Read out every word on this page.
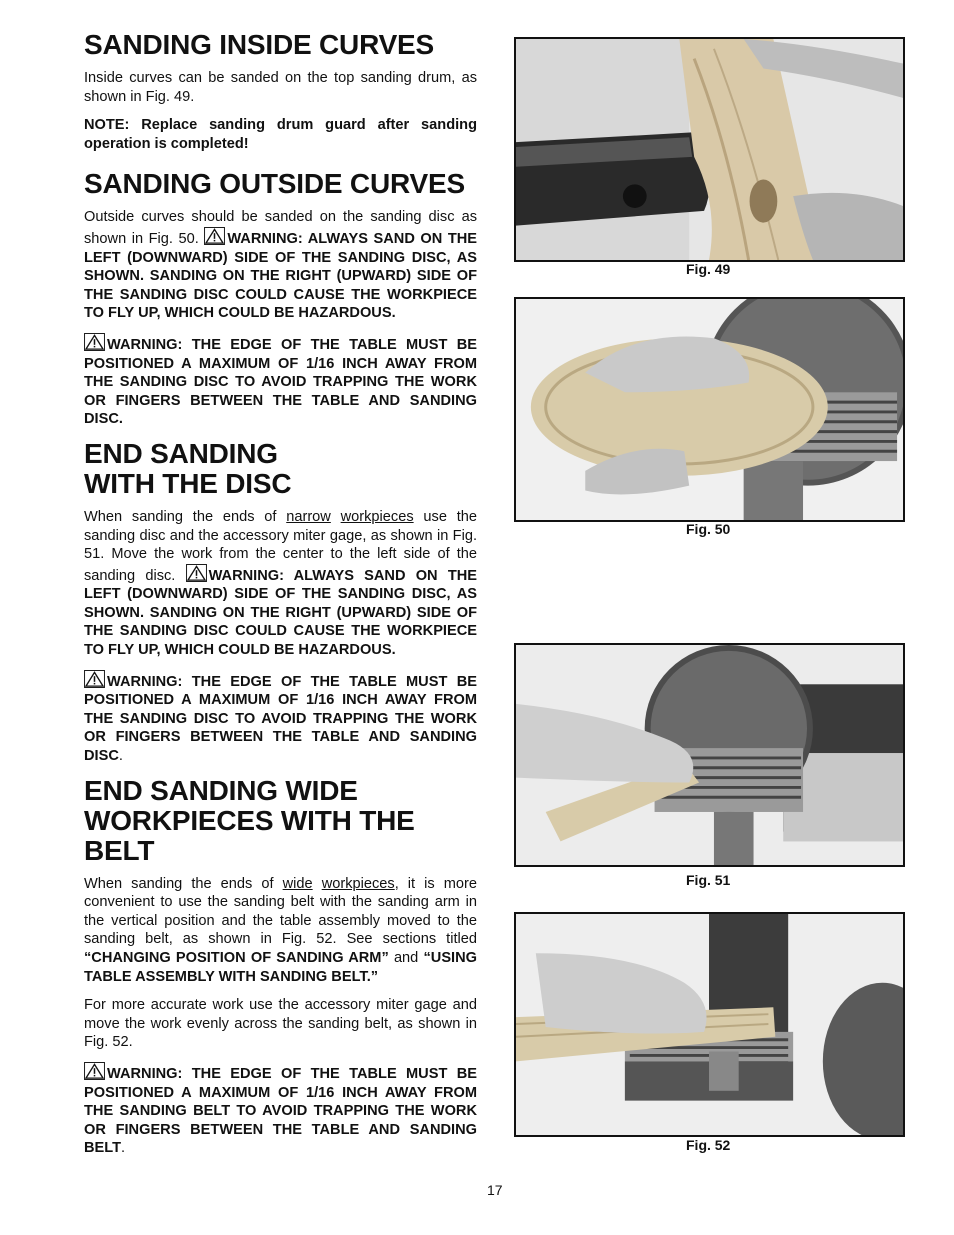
SANDING INSIDE CURVES

Inside curves can be sanded on the top sanding drum, as shown in Fig. 49.

NOTE: Replace sanding drum guard after sanding operation is completed!

SANDING OUTSIDE CURVES

Outside curves should be sanded on the sanding disc as shown in Fig. 50. WARNING: ALWAYS SAND ON THE LEFT (DOWNWARD) SIDE OF THE SANDING DISC, AS SHOWN. SANDING ON THE RIGHT (UPWARD) SIDE OF THE SANDING DISC COULD CAUSE THE WORKPIECE TO FLY UP, WHICH COULD BE HAZARDOUS.

WARNING: THE EDGE OF THE TABLE MUST BE POSITIONED A MAXIMUM OF 1/16 INCH AWAY FROM THE SANDING DISC TO AVOID TRAPPING THE WORK OR FINGERS BETWEEN THE TABLE AND SANDING DISC.

END SANDING
WITH THE DISC

When sanding the ends of narrow workpieces use the sanding disc and the accessory miter gage, as shown in Fig. 51. Move the work from the center to the left side of the sanding disc. WARNING: ALWAYS SAND ON THE LEFT (DOWNWARD) SIDE OF THE SANDING DISC, AS SHOWN. SANDING ON THE RIGHT (UPWARD) SIDE OF THE SANDING DISC COULD CAUSE THE WORKPIECE TO FLY UP, WHICH COULD BE HAZARDOUS.

WARNING: THE EDGE OF THE TABLE MUST BE POSITIONED A MAXIMUM OF 1/16 INCH AWAY FROM THE SANDING DISC TO AVOID TRAPPING THE WORK OR FINGERS BETWEEN THE TABLE AND SANDING DISC.

END SANDING WIDE
WORKPIECES WITH THE
BELT

When sanding the ends of wide workpieces, it is more convenient to use the sanding belt with the sanding arm in the vertical position and the table assembly moved to the sanding belt, as shown in Fig. 52. See sections titled “CHANGING POSITION OF SANDING ARM” and “USING TABLE ASSEMBLY WITH SANDING BELT.”

For more accurate work use the accessory miter gage and move the work evenly across the sanding belt, as shown in Fig. 52.

WARNING: THE EDGE OF THE TABLE MUST BE POSITIONED A MAXIMUM OF 1/16 INCH AWAY FROM THE SANDING BELT TO AVOID TRAPPING THE WORK OR FINGERS BETWEEN THE TABLE AND SANDING BELT.

Fig. 49
Fig. 50
Fig. 51
Fig. 52
17
